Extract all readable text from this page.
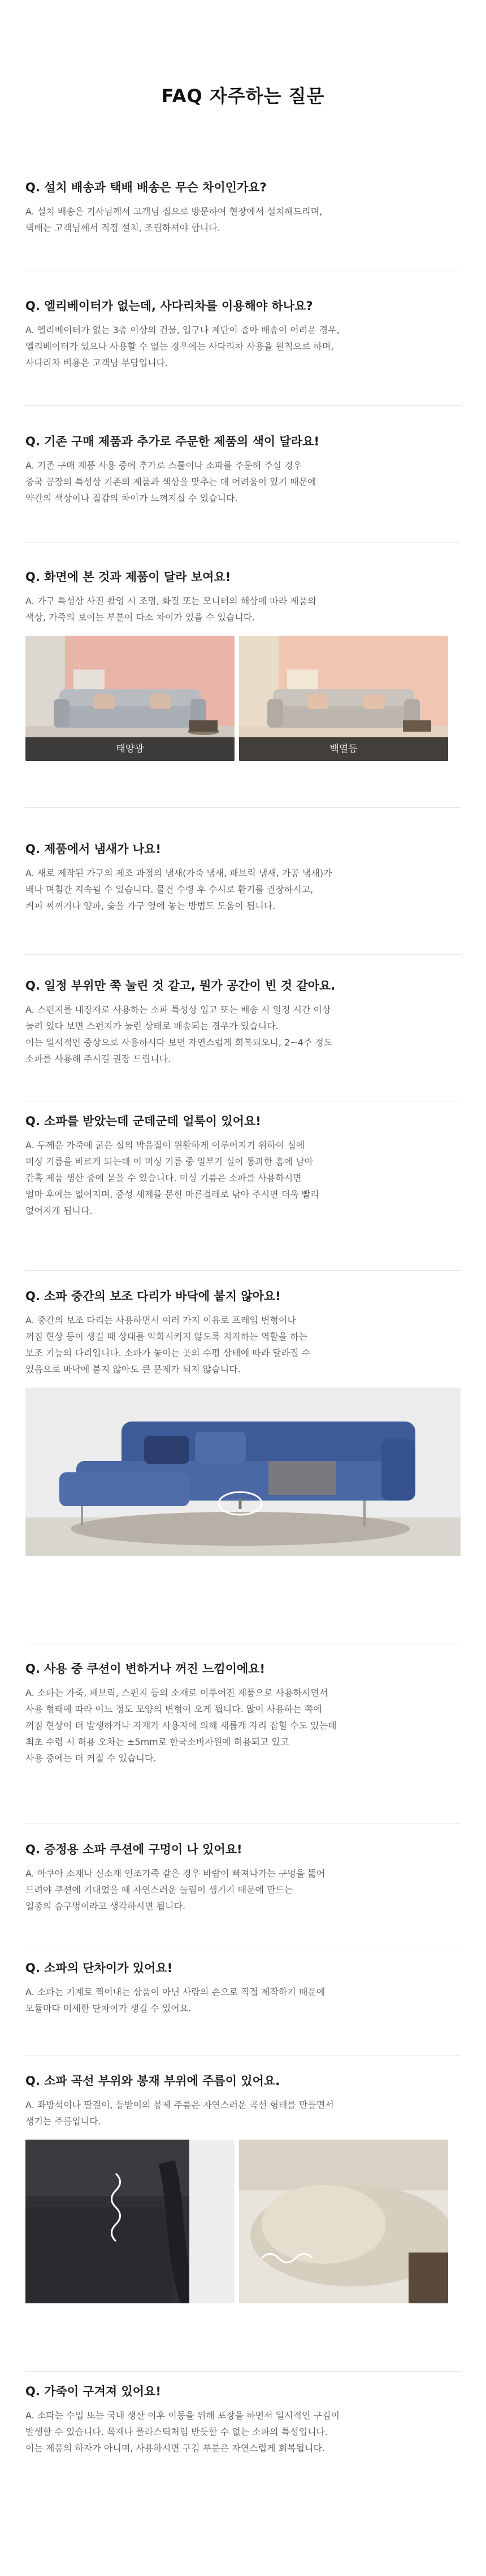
FAQ 자주하는 질문

Q. 설치 배송과 택배 배송은 무슨 차이인가요?

A. 설치 배송은 기사님께서 고객님 집으로 방문하여 현장에서 설치해드리며,
택배는 고객님께서 직접 설치, 조립하셔야 합니다.

Q. 엘리베이터가 없는데, 사다리차를 이용해야 하나요?

A. 엘리베이터가 없는 3층 이상의 건물, 입구나 계단이 좁아 배송이 어려운 경우,
엘리베이터가 있으나 사용할 수 없는 경우에는 사다리차 사용을 원칙으로 하며,
사다리차 비용은 고객님 부담입니다.

Q. 기존 구매 제품과 추가로 주문한 제품의 색이 달라요!

A. 기존 구매 제품 사용 중에 추가로 스툴이나 소파를 주문해 주실 경우
중국 공장의 특성상 기존의 제품과 색상을 맞추는 데 어려움이 있기 때문에
약간의 색상이나 질감의 차이가 느껴지실 수 있습니다.

Q. 화면에 본 것과 제품이 달라 보여요!

A. 가구 특성상 사진 촬영 시 조명, 화질 또는 모니터의 해상에 따라 제품의
색상, 가죽의 보이는 부분이 다소 차이가 있을 수 있습니다.

태양광	백열등

Q. 제품에서 냄새가 나요!

A. 새로 제작된 가구의 제조 과정의 냄새(가죽 냄새, 패브릭 냄새, 가공 냄새)가
배나 며칠간 지속될 수 있습니다. 물건 수령 후 수시로 환기를 권장하시고,
커피 찌꺼기나 양파, 숯을 가구 옆에 놓는 방법도 도움이 됩니다.

Q. 일정 부위만 쭉 눌린 것 같고, 뭔가 공간이 빈 것 같아요.

A. 스펀지를 내장재로 사용하는 소파 특성상 입고 또는 배송 시 일정 시간 이상
눌려 있다 보면 스펀지가 눌린 상태로 배송되는 경우가 있습니다.
이는 일시적인 증상으로 사용하시다 보면 자연스럽게 회복되오니, 2~4주 정도
소파를 사용해 주시길 권장 드립니다.

Q. 소파를 받았는데 군데군데 얼룩이 있어요!

A. 두께운 가죽에 굵은 실의 박음질이 원활하게 이루어지기 위하여 실에
미싱 기름을 바르게 되는데 이 미싱 기름 중 일부가 실이 통과한 홈에 남아
간혹 제품 생산 중에 묻을 수 있습니다. 미싱 기름은 소파를 사용하시면
얼마 후에는 없어지며, 중성 세제를 묻힌 마른걸레로 닦아 주시면 더욱 빨리
없어지게 됩니다.

Q. 소파 중간의 보조 다리가 바닥에 붙지 않아요!

A. 중간의 보조 다리는 사용하면서 여러 가지 이유로 프레임 변형이나
꺼짐 현상 등이 생길 때 상대를 악화시키지 않도록 지지하는 역할을 하는
보조 기능의 다리입니다. 소파가 놓이는 곳의 수평 상태에 따라 달라질 수
있음으로 바닥에 붙지 않아도 큰 문제가 되지 않습니다.

Q. 사용 중 쿠션이 변하거나 꺼진 느낌이에요!

A. 소파는 가죽, 패브릭, 스펀지 등의 소재로 이루어진 제품으로 사용하시면서
사용 형태에 따라 어느 정도 모양의 변형이 오게 됩니다. 많이 사용하는 쪽에
꺼짐 현상이 더 발생하거나 자재가 사용자에 의해 새롭게 자리 잡힐 수도 있는데
최초 수령 시 허용 오차는 ±5mm로 한국소비자원에 허용되고 있고
사용 중에는 더 커질 수 있습니다.

Q. 증정용 소파 쿠션에 구멍이 나 있어요!

A. 아쿠아 소재나 신소재 인조가죽 같은 경우 바람이 빠져나가는 구멍을 뚫어
드려야 쿠션에 기대었을 때 자연스러운 눌림이 생기기 때문에 만드는
일종의 숨구멍이라고 생각하시면 됩니다.

Q. 소파의 단차이가 있어요!

A. 소파는 기계로 찍어내는 상품이 아닌 사람의 손으로 직접 제작하기 때문에
모듈마다 미세한 단차이가 생길 수 있어요.

Q. 소파 곡선 부위와 봉재 부위에 주름이 있어요.

A. 좌방석이나 팔걸이, 등받이의 봉제 주름은 자연스러운 곡선 형태를 만들면서
생기는 주름입니다.

Q. 가죽이 구겨져 있어요!

A. 소파는 수입 또는 국내 생산 이후 이동을 위해 포장을 하면서 일시적인 구김이
발생할 수 있습니다. 목재나 플라스틱처럼 반듯할 수 없는 소파의 특성입니다.
이는 제품의 하자가 아니며, 사용하시면 구김 부분은 자연스럽게 회복됩니다.
